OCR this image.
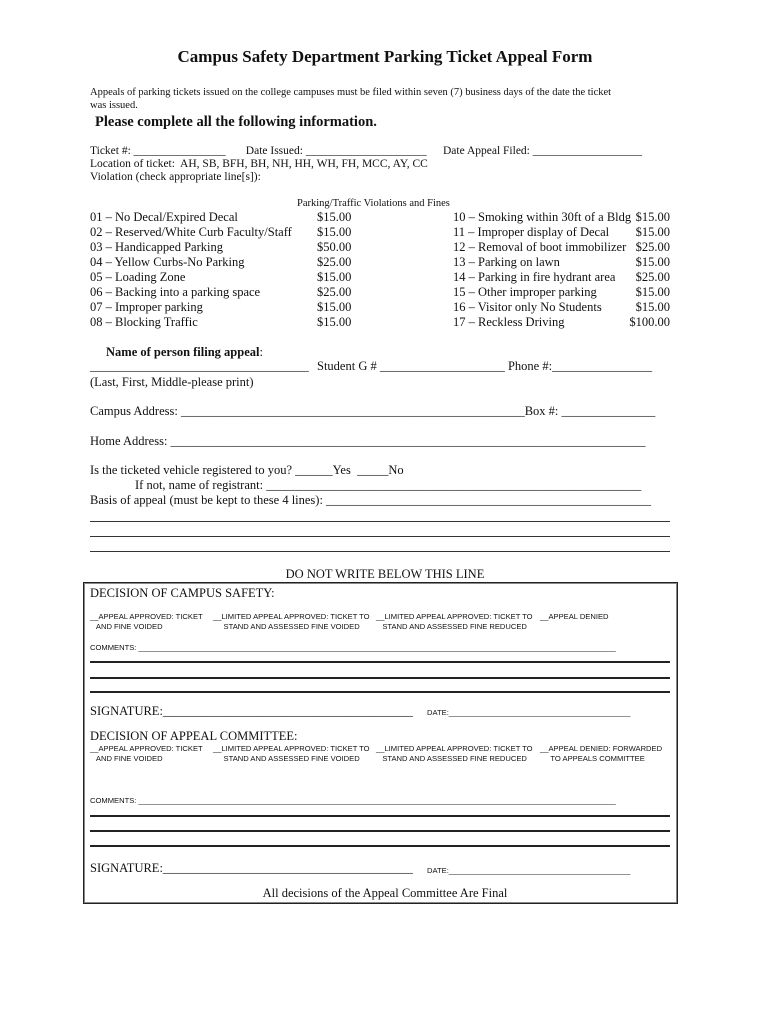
Campus Safety Department Parking Ticket Appeal Form
Appeals of parking tickets issued on the college campuses must be filed within seven (7) business days of the date the ticket
was issued.
Please complete all the following information.
Ticket #: ________________       Date Issued: _____________________ Date Appeal Filed: ___________________
Location of ticket:  AH, SB, BFH, BH, NH, HH, WH, FH, MCC, AY, CC
Violation (check appropriate line[s]):
Parking/Traffic Violations and Fines
01 – No Decal/Expired Decal	$15.00
02 – Reserved/White Curb Faculty/Staff $15.00
03 – Handicapped Parking	$50.00
04 – Yellow Curbs-No Parking	$25.00
05 – Loading Zone	$15.00
06 – Backing into a parking space	$25.00
07 – Improper parking	$15.00
08 – Blocking Traffic	$15.00
10 – Smoking within 30ft of a Bldg $15.00
11 – Improper display of Decal	$15.00
12 – Removal of boot immobilizer $25.00
13 – Parking on lawn	$15.00
14 – Parking in fire hydrant area	$25.00
15 – Other improper parking	$15.00
16 – Visitor only No Students	$15.00
17 – Reckless Driving	$100.00
Name of person filing appeal:
___________________________________ Student G # ____________________ Phone #:________________
(Last, First, Middle-please print)
Campus Address: _______________________________________________________Box #: _______________
Home Address: ____________________________________________________________________________
Is the ticketed vehicle registered to you? ______Yes  _____No
If not, name of registrant: ____________________________________________________________
Basis of appeal (must be kept to these 4 lines): ____________________________________________________
DO NOT WRITE BELOW THIS LINE
DECISION OF CAMPUS SAFETY:
__APPEAL APPROVED: TICKET
AND FINE VOIDED
__LIMITED APPEAL APPROVED: TICKET TO
STAND AND ASSESSED FINE VOIDED
__LIMITED APPEAL APPROVED: TICKET TO
STAND AND ASSESSED FINE REDUCED
__APPEAL DENIED
COMMENTS: _________________________________________________________________________________________________________________
SIGNATURE:________________________________________ DATE:___________________________________________
DECISION OF APPEAL COMMITTEE:
__APPEAL APPROVED: TICKET
AND FINE VOIDED
__LIMITED APPEAL APPROVED: TICKET TO
STAND AND ASSESSED FINE VOIDED
__LIMITED APPEAL APPROVED: TICKET TO
STAND AND ASSESSED FINE REDUCED
__APPEAL DENIED: FORWARDED
TO APPEALS COMMITTEE
COMMENTS: _________________________________________________________________________________________________________________
SIGNATURE:________________________________________ DATE:___________________________________________
All decisions of the Appeal Committee Are Final
